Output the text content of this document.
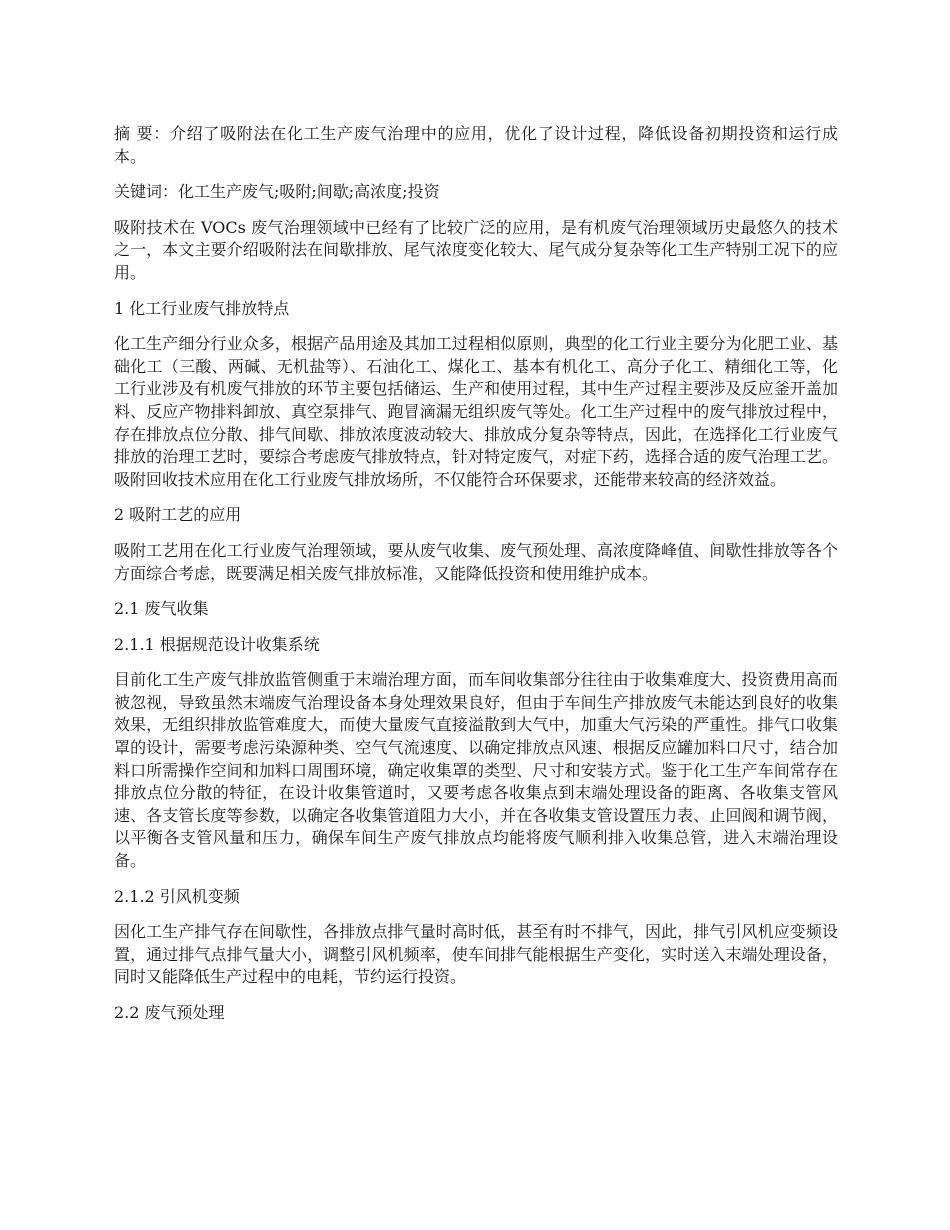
摘 要：介绍了吸附法在化工生产废气治理中的应用，优化了设计过程，降低设备初期投资和运行成本。

关键词：化工生产废气;吸附;间歇;高浓度;投资

吸附技术在 VOCs 废气治理领域中已经有了比较广泛的应用，是有机废气治理领域历史最悠久的技术之一，本文主要介绍吸附法在间歇排放、尾气浓度变化较大、尾气成分复杂等化工生产特别工况下的应用。

1 化工行业废气排放特点

化工生产细分行业众多，根据产品用途及其加工过程相似原则，典型的化工行业主要分为化肥工业、基础化工（三酸、两碱、无机盐等）、石油化工、煤化工、基本有机化工、高分子化工、精细化工等，化工行业涉及有机废气排放的环节主要包括储运、生产和使用过程，其中生产过程主要涉及反应釜开盖加料、反应产物排料卸放、真空泵排气、跑冒滴漏无组织废气等处。化工生产过程中的废气排放过程中，存在排放点位分散、排气间歇、排放浓度波动较大、排放成分复杂等特点，因此，在选择化工行业废气排放的治理工艺时，要综合考虑废气排放特点，针对特定废气，对症下药，选择合适的废气治理工艺。吸附回收技术应用在化工行业废气排放场所，不仅能符合环保要求，还能带来较高的经济效益。

2 吸附工艺的应用

吸附工艺用在化工行业废气治理领域，要从废气收集、废气预处理、高浓度降峰值、间歇性排放等各个方面综合考虑，既要满足相关废气排放标准，又能降低投资和使用维护成本。

2.1 废气收集
2.1.1 根据规范设计收集系统

目前化工生产废气排放监管侧重于末端治理方面，而车间收集部分往往由于收集难度大、投资费用高而被忽视，导致虽然末端废气治理设备本身处理效果良好，但由于车间生产排放废气未能达到良好的收集效果，无组织排放监管难度大，而使大量废气直接溢散到大气中，加重大气污染的严重性。排气口收集罩的设计，需要考虑污染源种类、空气气流速度、以确定排放点风速、根据反应罐加料口尺寸，结合加料口所需操作空间和加料口周围环境，确定收集罩的类型、尺寸和安装方式。鉴于化工生产车间常存在排放点位分散的特征，在设计收集管道时，又要考虑各收集点到末端处理设备的距离、各收集支管风速、各支管长度等参数，以确定各收集管道阻力大小，并在各收集支管设置压力表、止回阀和调节阀，以平衡各支管风量和压力，确保车间生产废气排放点均能将废气顺利排入收集总管，进入末端治理设备。

2.1.2 引风机变频

因化工生产排气存在间歇性，各排放点排气量时高时低，甚至有时不排气，因此，排气引风机应变频设置，通过排气点排气量大小，调整引风机频率，使车间排气能根据生产变化，实时送入末端处理设备，同时又能降低生产过程中的电耗，节约运行投资。

2.2 废气预处理
